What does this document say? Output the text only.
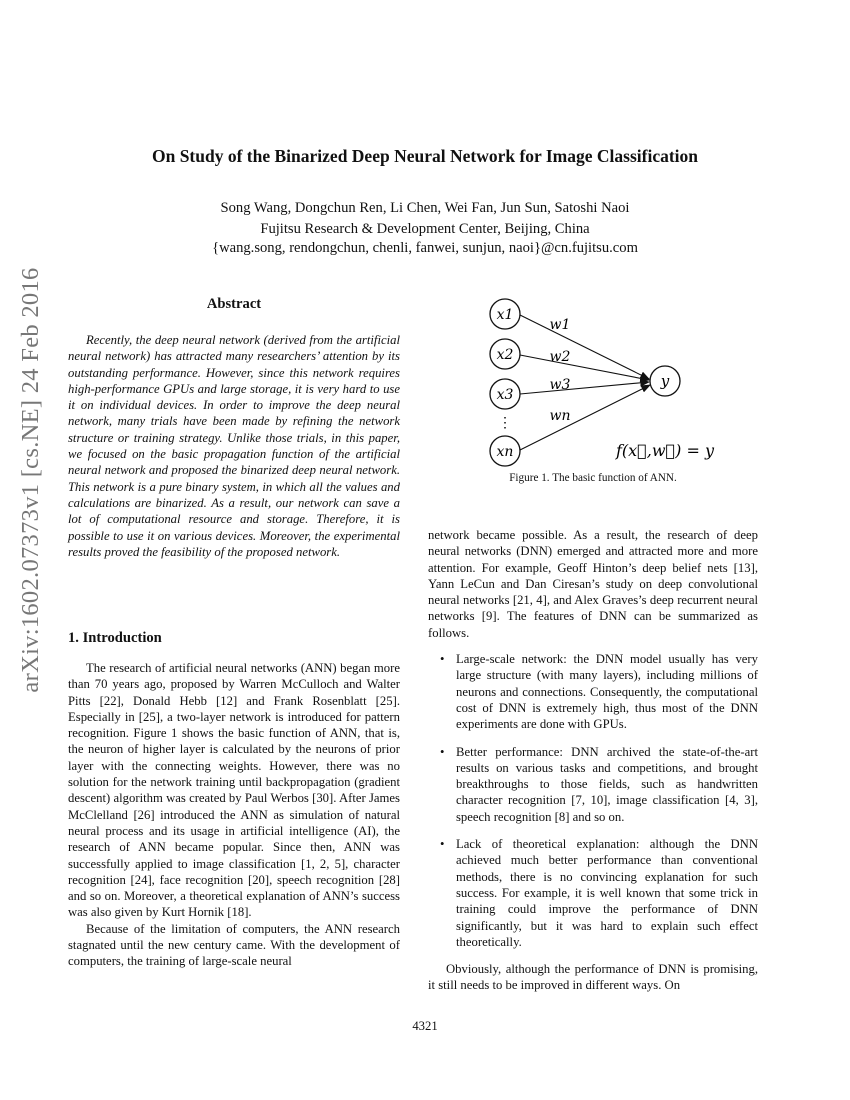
arXiv:1602.07373v1 [cs.NE] 24 Feb 2016
On Study of the Binarized Deep Neural Network for Image Classification
Song Wang, Dongchun Ren, Li Chen, Wei Fan, Jun Sun, Satoshi Naoi
Fujitsu Research & Development Center, Beijing, China
{wang.song, rendongchun, chenli, fanwei, sunjun, naoi}@cn.fujitsu.com
Abstract

Recently, the deep neural network (derived from the artificial neural network) has attracted many researchers’ attention by its outstanding performance. However, since this network requires high-performance GPUs and large storage, it is very hard to use it on individual devices. In order to improve the deep neural network, many trials have been made by refining the network structure or training strategy. Unlike those trials, in this paper, we focused on the basic propagation function of the artificial neural network and proposed the binarized deep neural network. This network is a pure binary system, in which all the values and calculations are binarized. As a result, our network can save a lot of computational resource and storage. Therefore, it is possible to use it on various devices. Moreover, the experimental results proved the feasibility of the proposed network.

1. Introduction

The research of artificial neural networks (ANN) began more than 70 years ago, proposed by Warren McCulloch and Walter Pitts [22], Donald Hebb [12] and Frank Rosenblatt [25]. Especially in [25], a two-layer network is introduced for pattern recognition. Figure 1 shows the basic function of ANN, that is, the neuron of higher layer is calculated by the neurons of prior layer with the connecting weights. However, there was no solution for the network training until backpropagation (gradient descent) algorithm was created by Paul Werbos [30]. After James McClelland [26] introduced the ANN as simulation of natural neural process and its usage in artificial intelligence (AI), the research of ANN became popular. Since then, ANN was successfully applied to image classification [1, 2, 5], character recognition [24], face recognition [20], speech recognition [28] and so on. Moreover, a theoretical explanation of ANN’s success was also given by Kurt Hornik [18].

Because of the limitation of computers, the ANN research stagnated until the new century came. With the development of computers, the training of large-scale neural

x1
x2
x3
xn
y
⋮
w1
w2
w3
wn
f(x⃗,w⃗) = y
Figure 1. The basic function of ANN.

network became possible. As a result, the research of deep neural networks (DNN) emerged and attracted more and more attention. For example, Geoff Hinton’s deep belief nets [13], Yann LeCun and Dan Ciresan’s study on deep convolutional neural networks [21, 4], and Alex Graves’s deep recurrent neural networks [9]. The features of DNN can be summarized as follows.

• Large-scale network: the DNN model usually has very large structure (with many layers), including millions of neurons and connections. Consequently, the computational cost of DNN is extremely high, thus most of the DNN experiments are done with GPUs.
• Better performance: DNN archived the state-of-the-art results on various tasks and competitions, and brought breakthroughs to those fields, such as handwritten character recognition [7, 10], image classification [4, 3], speech recognition [8] and so on.
• Lack of theoretical explanation: although the DNN achieved much better performance than conventional methods, there is no convincing explanation for such success. For example, it is well known that some trick in training could improve the performance of DNN significantly, but it was hard to explain such effect theoretically.

Obviously, although the performance of DNN is promising, it still needs to be improved in different ways. On

4321
